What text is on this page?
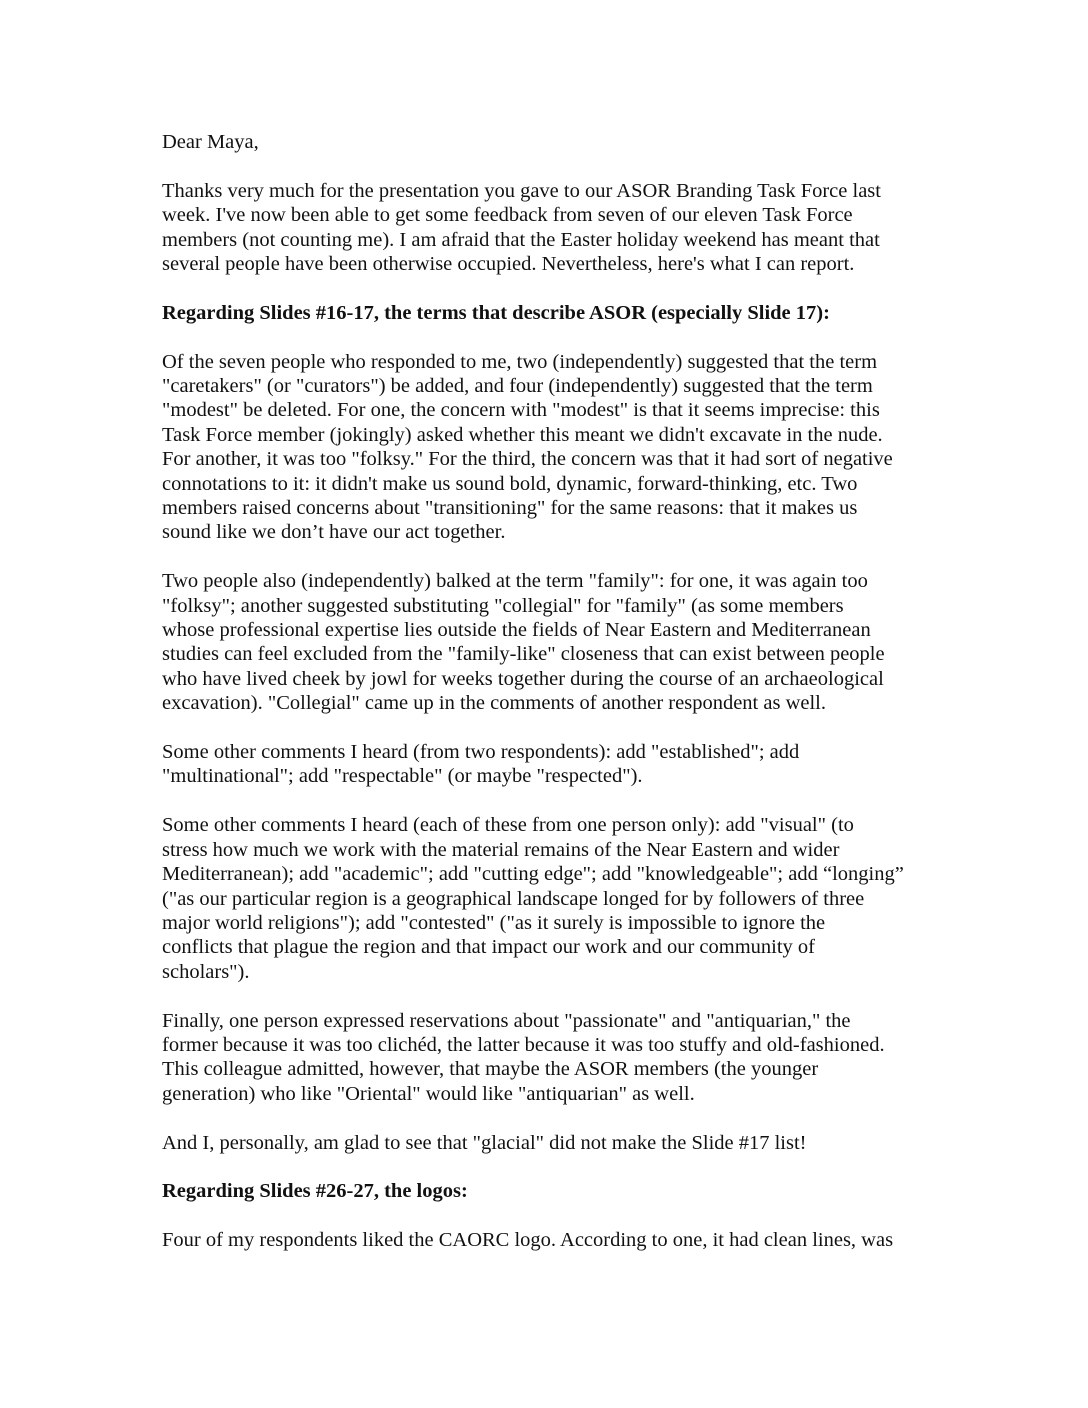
Dear Maya,

Thanks very much for the presentation you gave to our ASOR Branding Task Force last
week. I've now been able to get some feedback from seven of our eleven Task Force
members (not counting me). I am afraid that the Easter holiday weekend has meant that
several people have been otherwise occupied. Nevertheless, here's what I can report.

Regarding Slides #16-17, the terms that describe ASOR (especially Slide 17):

Of the seven people who responded to me, two (independently) suggested that the term
"caretakers" (or "curators") be added, and four (independently) suggested that the term
"modest" be deleted. For one, the concern with "modest" is that it seems imprecise: this
Task Force member (jokingly) asked whether this meant we didn't excavate in the nude.
For another, it was too "folksy." For the third, the concern was that it had sort of negative
connotations to it: it didn't make us sound bold, dynamic, forward-thinking, etc. Two
members raised concerns about "transitioning" for the same reasons: that it makes us
sound like we don’t have our act together.

Two people also (independently) balked at the term "family": for one, it was again too
"folksy"; another suggested substituting "collegial" for "family" (as some members
whose professional expertise lies outside the fields of Near Eastern and Mediterranean
studies can feel excluded from the "family-like" closeness that can exist between people
who have lived cheek by jowl for weeks together during the course of an archaeological
excavation). "Collegial" came up in the comments of another respondent as well.

Some other comments I heard (from two respondents): add "established"; add
"multinational"; add "respectable" (or maybe "respected").

Some other comments I heard (each of these from one person only): add "visual" (to
stress how much we work with the material remains of the Near Eastern and wider
Mediterranean); add "academic"; add "cutting edge"; add "knowledgeable"; add “longing”
("as our particular region is a geographical landscape longed for by followers of three
major world religions"); add "contested" ("as it surely is impossible to ignore the
conflicts that plague the region and that impact our work and our community of
scholars").

Finally, one person expressed reservations about "passionate" and "antiquarian," the
former because it was too clichéd, the latter because it was too stuffy and old-fashioned.
This colleague admitted, however, that maybe the ASOR members (the younger
generation) who like "Oriental" would like "antiquarian" as well.

And I, personally, am glad to see that "glacial" did not make the Slide #17 list!

Regarding Slides #26-27, the logos:

Four of my respondents liked the CAORC logo. According to one, it had clean lines, was
